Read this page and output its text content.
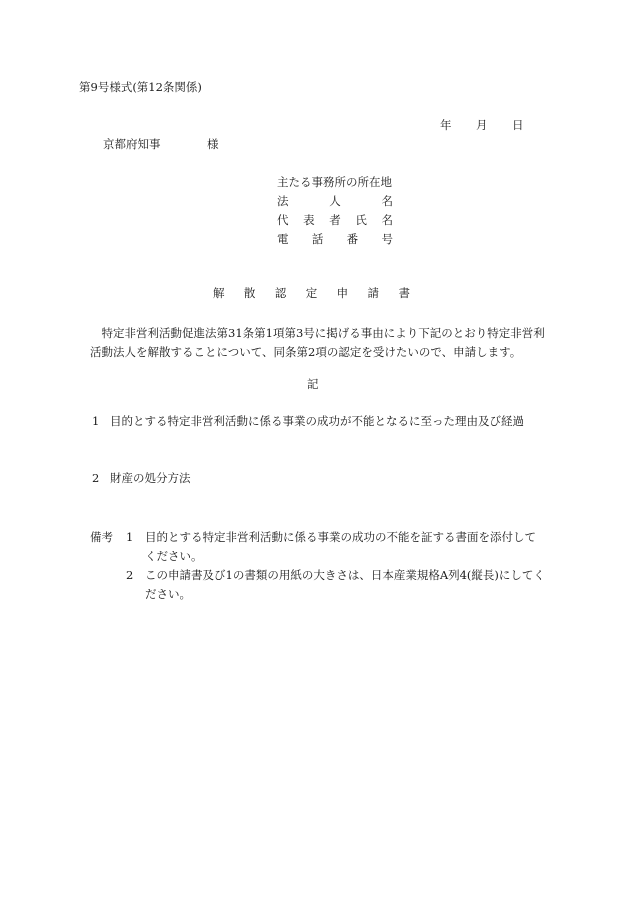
第9号様式(第12条関係)
年	月	日
京都府知事	様
主たる事務所の所在地
法	人	名
代 表 者 氏 名
電 話 番 号
解 散 認 定 申 請 書
　特定非営利活動促進法第31条第1項第3号に掲げる事由により下記のとおり特定非営利活動法人を解散することについて、同条第2項の認定を受けたいので、申請します。
記
1 目的とする特定非営利活動に係る事業の成功が不能となるに至った理由及び経過
2 財産の処分方法
備考	1	目的とする特定非営利活動に係る事業の成功の不能を証する書面を添付してください。
2	この申請書及び1の書類の用紙の大きさは、日本産業規格A列4(縦長)にしてください。
